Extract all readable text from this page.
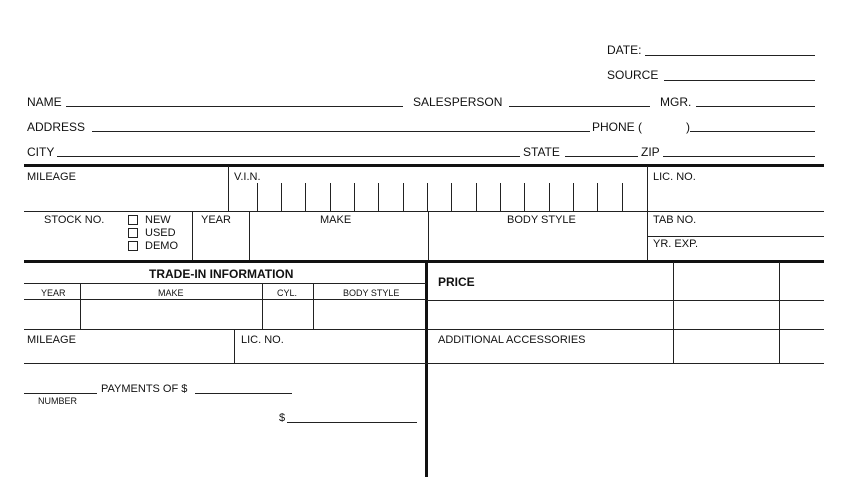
DATE:
SOURCE
NAME	SALESPERSON	MGR.
ADDRESS	PHONE (	)
CITY	STATE	ZIP
MILEAGE	V.I.N.	LIC. NO.
STOCK NO.	NEW
USED
DEMO
YEAR	MAKE	BODY STYLE	TAB NO.
YR. EXP.
TRADE-IN INFORMATION
YEAR	MAKE	CYL.	BODY STYLE
MILEAGE	LIC. NO.
PRICE
ADDITIONAL ACCESSORIES
NUMBER
PAYMENTS OF $
$
